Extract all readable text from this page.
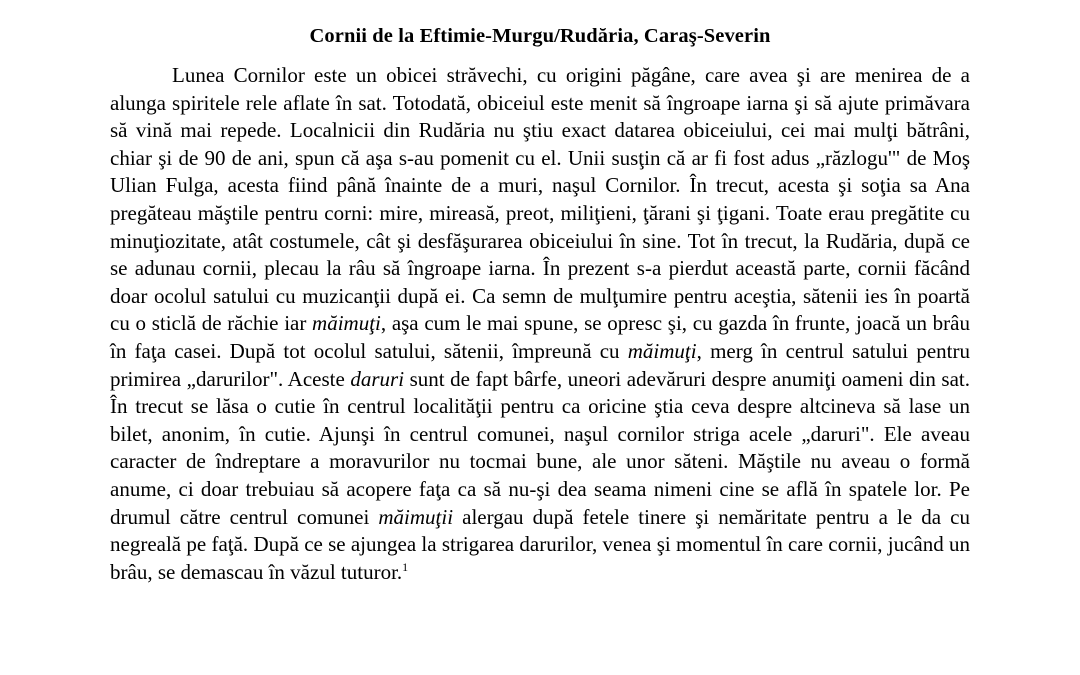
Cornii de la Eftimie-Murgu/Rudăria, Caraş-Severin

Lunea Cornilor este un obicei străvechi, cu origini păgâne, care avea şi are menirea de a alunga spiritele rele aflate în sat. Totodată, obiceiul este menit să îngroape iarna şi să ajute primăvara să vină mai repede. Localnicii din Rudăria nu ştiu exact datarea obiceiului, cei mai mulţi bătrâni, chiar şi de 90 de ani, spun că aşa s-au pomenit cu el. Unii susţin că ar fi fost adus „răzlogu'" de Moş Ulian Fulga, acesta fiind până înainte de a muri, naşul Cornilor. În trecut, acesta şi soţia sa Ana pregăteau măştile pentru corni: mire, mireasă, preot, miliţieni, ţărani şi ţigani. Toate erau pregătite cu minuţiozitate, atât costumele, cât şi desfăşurarea obiceiului în sine. Tot în trecut, la Rudăria, după ce se adunau cornii, plecau la râu să îngroape iarna. În prezent s-a pierdut această parte, cornii făcând doar ocolul satului cu muzicanţii după ei. Ca semn de mulţumire pentru aceştia, sătenii ies în poartă cu o sticlă de răchie iar măimuţi, aşa cum le mai spune, se opresc şi, cu gazda în frunte, joacă un brâu în faţa casei. După tot ocolul satului, sătenii, împreună cu măimuţi, merg în centrul satului pentru primirea „darurilor". Aceste daruri sunt de fapt bârfe, uneori adevăruri despre anumiţi oameni din sat. În trecut se lăsa o cutie în centrul localităţii pentru ca oricine ştia ceva despre altcineva să lase un bilet, anonim, în cutie. Ajunşi în centrul comunei, naşul cornilor striga acele „daruri". Ele aveau caracter de îndreptare a moravurilor nu tocmai bune, ale unor săteni. Măştile nu aveau o formă anume, ci doar trebuiau să acopere faţa ca să nu-şi dea seama nimeni cine se află în spatele lor. Pe drumul către centrul comunei măimuţii alergau după fetele tinere şi nemăritate pentru a le da cu negreală pe faţă. După ce se ajungea la strigarea darurilor, venea şi momentul în care cornii, jucând un brâu, se demascau în văzul tuturor.$^1$
